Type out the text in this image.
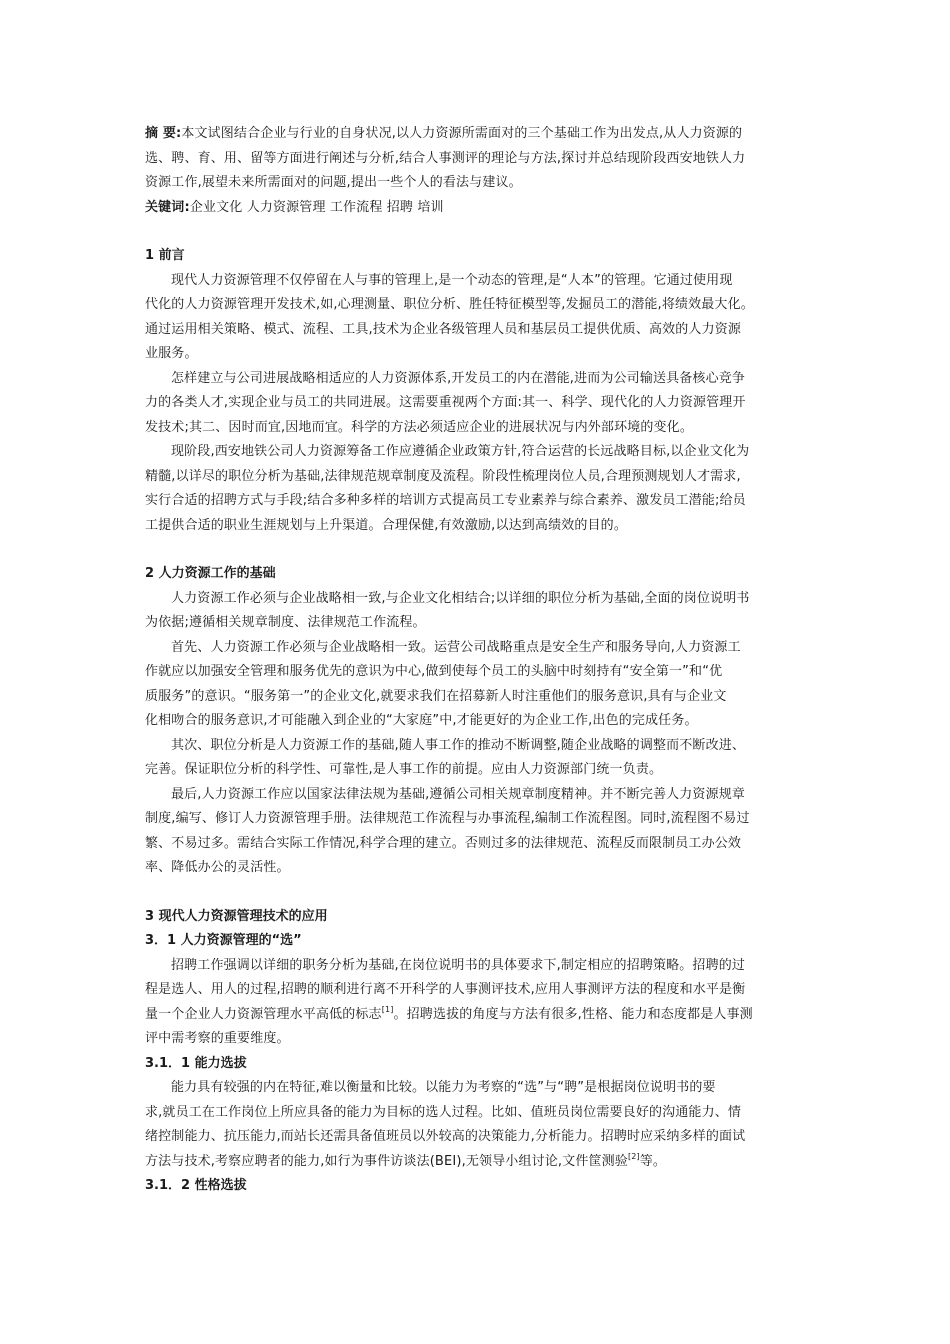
摘 要:本文试图结合企业与行业的自身状况,以人力资源所需面对的三个基础工作为出发点,从人力资源的
选、聘、育、用、留等方面进行阐述与分析,结合人事测评的理论与方法,探讨并总结现阶段西安地铁人力
资源工作,展望未来所需面对的问题,提出一些个人的看法与建议。
关键词:企业文化 人力资源管理 工作流程 招聘 培训
1 前言
现代人力资源管理不仅停留在人与事的管理上,是一个动态的管理,是“人本”的管理。它通过使用现
代化的人力资源管理开发技术,如,心理测量、职位分析、胜任特征模型等,发掘员工的潜能,将绩效最大化。
通过运用相关策略、模式、流程、工具,技术为企业各级管理人员和基层员工提供优质、高效的人力资源
业服务。
怎样建立与公司进展战略相适应的人力资源体系,开发员工的内在潜能,进而为公司输送具备核心竞争
力的各类人才,实现企业与员工的共同进展。这需要重视两个方面:其一、科学、现代化的人力资源管理开
发技术;其二、因时而宜,因地而宜。科学的方法必须适应企业的进展状况与内外部环境的变化。
现阶段,西安地铁公司人力资源筹备工作应遵循企业政策方针,符合运营的长远战略目标,以企业文化为
精髓,以详尽的职位分析为基础,法律规范规章制度及流程。阶段性梳理岗位人员,合理预测规划人才需求,
实行合适的招聘方式与手段;结合多种多样的培训方式提高员工专业素养与综合素养、激发员工潜能;给员
工提供合适的职业生涯规划与上升渠道。合理保健,有效激励,以达到高绩效的目的。
2 人力资源工作的基础
人力资源工作必须与企业战略相一致,与企业文化相结合;以详细的职位分析为基础,全面的岗位说明书
为依据;遵循相关规章制度、法律规范工作流程。
首先、人力资源工作必须与企业战略相一致。运营公司战略重点是安全生产和服务导向,人力资源工
作就应以加强安全管理和服务优先的意识为中心,做到使每个员工的头脑中时刻持有“安全第一”和“优
质服务”的意识。“服务第一”的企业文化,就要求我们在招募新人时注重他们的服务意识,具有与企业文
化相吻合的服务意识,才可能融入到企业的“大家庭”中,才能更好的为企业工作,出色的完成任务。
其次、职位分析是人力资源工作的基础,随人事工作的推动不断调整,随企业战略的调整而不断改进、
完善。保证职位分析的科学性、可靠性,是人事工作的前提。应由人力资源部门统一负责。
最后,人力资源工作应以国家法律法规为基础,遵循公司相关规章制度精神。并不断完善人力资源规章
制度,编写、修订人力资源管理手册。法律规范工作流程与办事流程,编制工作流程图。同时,流程图不易过
繁、不易过多。需结合实际工作情况,科学合理的建立。否则过多的法律规范、流程反而限制员工办公效
率、降低办公的灵活性。
3 现代人力资源管理技术的应用
3．1 人力资源管理的“选”
招聘工作强调以详细的职务分析为基础,在岗位说明书的具体要求下,制定相应的招聘策略。招聘的过
程是选人、用人的过程,招聘的顺利进行离不开科学的人事测评技术,应用人事测评方法的程度和水平是衡
量一个企业人力资源管理水平高低的标志[1]。招聘选拔的角度与方法有很多,性格、能力和态度都是人事测
评中需考察的重要维度。
3.1．1 能力选拔
能力具有较强的内在特征,难以衡量和比较。以能力为考察的“选”与“聘”是根据岗位说明书的要
求,就员工在工作岗位上所应具备的能力为目标的选人过程。比如、值班员岗位需要良好的沟通能力、情
绪控制能力、抗压能力,而站长还需具备值班员以外较高的决策能力,分析能力。招聘时应采纳多样的面试
方法与技术,考察应聘者的能力,如行为事件访谈法(BEI),无领导小组讨论,文件筐测验[2]等。
3.1．2 性格选拔
